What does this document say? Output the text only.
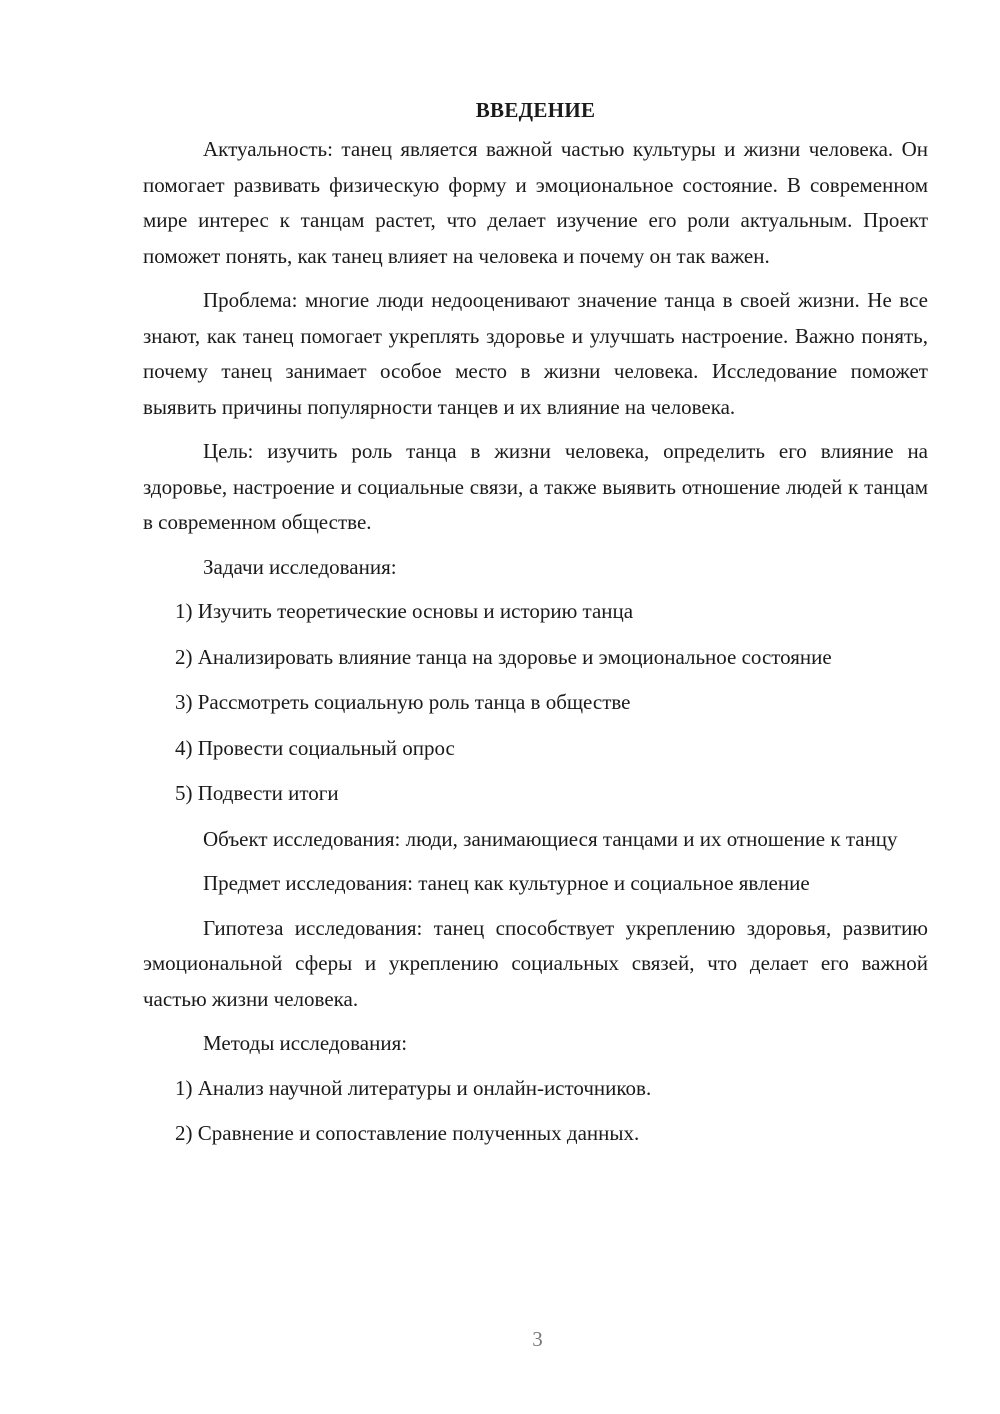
ВВЕДЕНИЕ

Актуальность: танец является важной частью культуры и жизни человека. Он помогает развивать физическую форму и эмоциональное состояние. В современном мире интерес к танцам растет, что делает изучение его роли актуальным. Проект поможет понять, как танец влияет на человека и почему он так важен.

Проблема: многие люди недооценивают значение танца в своей жизни. Не все знают, как танец помогает укреплять здоровье и улучшать настроение. Важно понять, почему танец занимает особое место в жизни человека. Исследование поможет выявить причины популярности танцев и их влияние на человека.

Цель: изучить роль танца в жизни человека, определить его влияние на здоровье, настроение и социальные связи, а также выявить отношение людей к танцам в современном обществе.

Задачи исследования:

1) Изучить теоретические основы и историю танца

2) Анализировать влияние танца на здоровье и эмоциональное состояние

3) Рассмотреть социальную роль танца в обществе

4) Провести социальный опрос

5) Подвести итоги

Объект исследования: люди, занимающиеся танцами и их отношение к танцу

Предмет исследования: танец как культурное и социальное явление

Гипотеза исследования: танец способствует укреплению здоровья, развитию эмоциональной сферы и укреплению социальных связей, что делает его важной частью жизни человека.

Методы исследования:

1) Анализ научной литературы и онлайн-источников.

2) Сравнение и сопоставление полученных данных.

3
